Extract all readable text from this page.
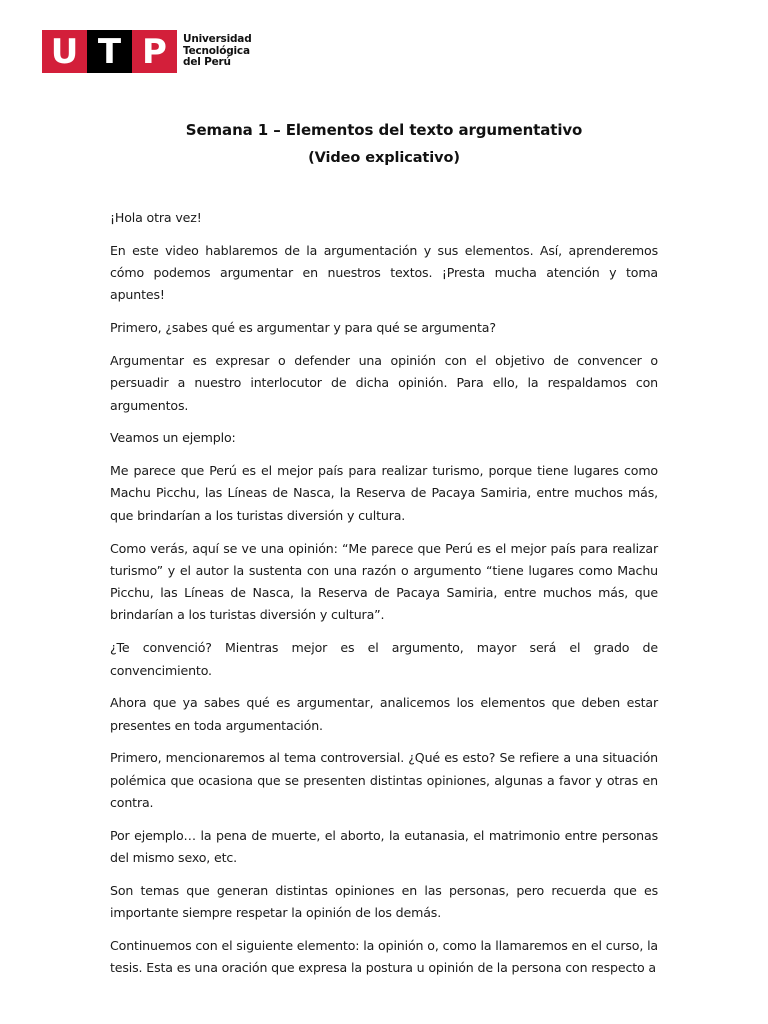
U T P	Universidad
Tecnológica
del Perú
Semana 1 – Elementos del texto argumentativo
(Video explicativo)

¡Hola otra vez!

En este video hablaremos de la argumentación y sus elementos. Así, aprenderemos cómo podemos argumentar en nuestros textos. ¡Presta mucha atención y toma apuntes!

Primero, ¿sabes qué es argumentar y para qué se argumenta?

Argumentar es expresar o defender una opinión con el objetivo de convencer o persuadir a nuestro interlocutor de dicha opinión. Para ello, la respaldamos con argumentos.

Veamos un ejemplo:

Me parece que Perú es el mejor país para realizar turismo, porque tiene lugares como Machu Picchu, las Líneas de Nasca, la Reserva de Pacaya Samiria, entre muchos más, que brindarían a los turistas diversión y cultura.

Como verás, aquí se ve una opinión: “Me parece que Perú es el mejor país para realizar turismo” y el autor la sustenta con una razón o argumento “tiene lugares como Machu Picchu, las Líneas de Nasca, la Reserva de Pacaya Samiria, entre muchos más, que brindarían a los turistas diversión y cultura”.

¿Te convenció? Mientras mejor es el argumento, mayor será el grado de convencimiento.

Ahora que ya sabes qué es argumentar, analicemos los elementos que deben estar presentes en toda argumentación.

Primero, mencionaremos al tema controversial. ¿Qué es esto? Se refiere a una situación polémica que ocasiona que se presenten distintas opiniones, algunas a favor y otras en contra.

Por ejemplo… la pena de muerte, el aborto, la eutanasia, el matrimonio entre personas del mismo sexo, etc.

Son temas que generan distintas opiniones en las personas, pero recuerda que es importante siempre respetar la opinión de los demás.

Continuemos con el siguiente elemento: la opinión o, como la llamaremos en el curso, la tesis. Esta es una oración que expresa la postura u opinión de la persona con respecto a
